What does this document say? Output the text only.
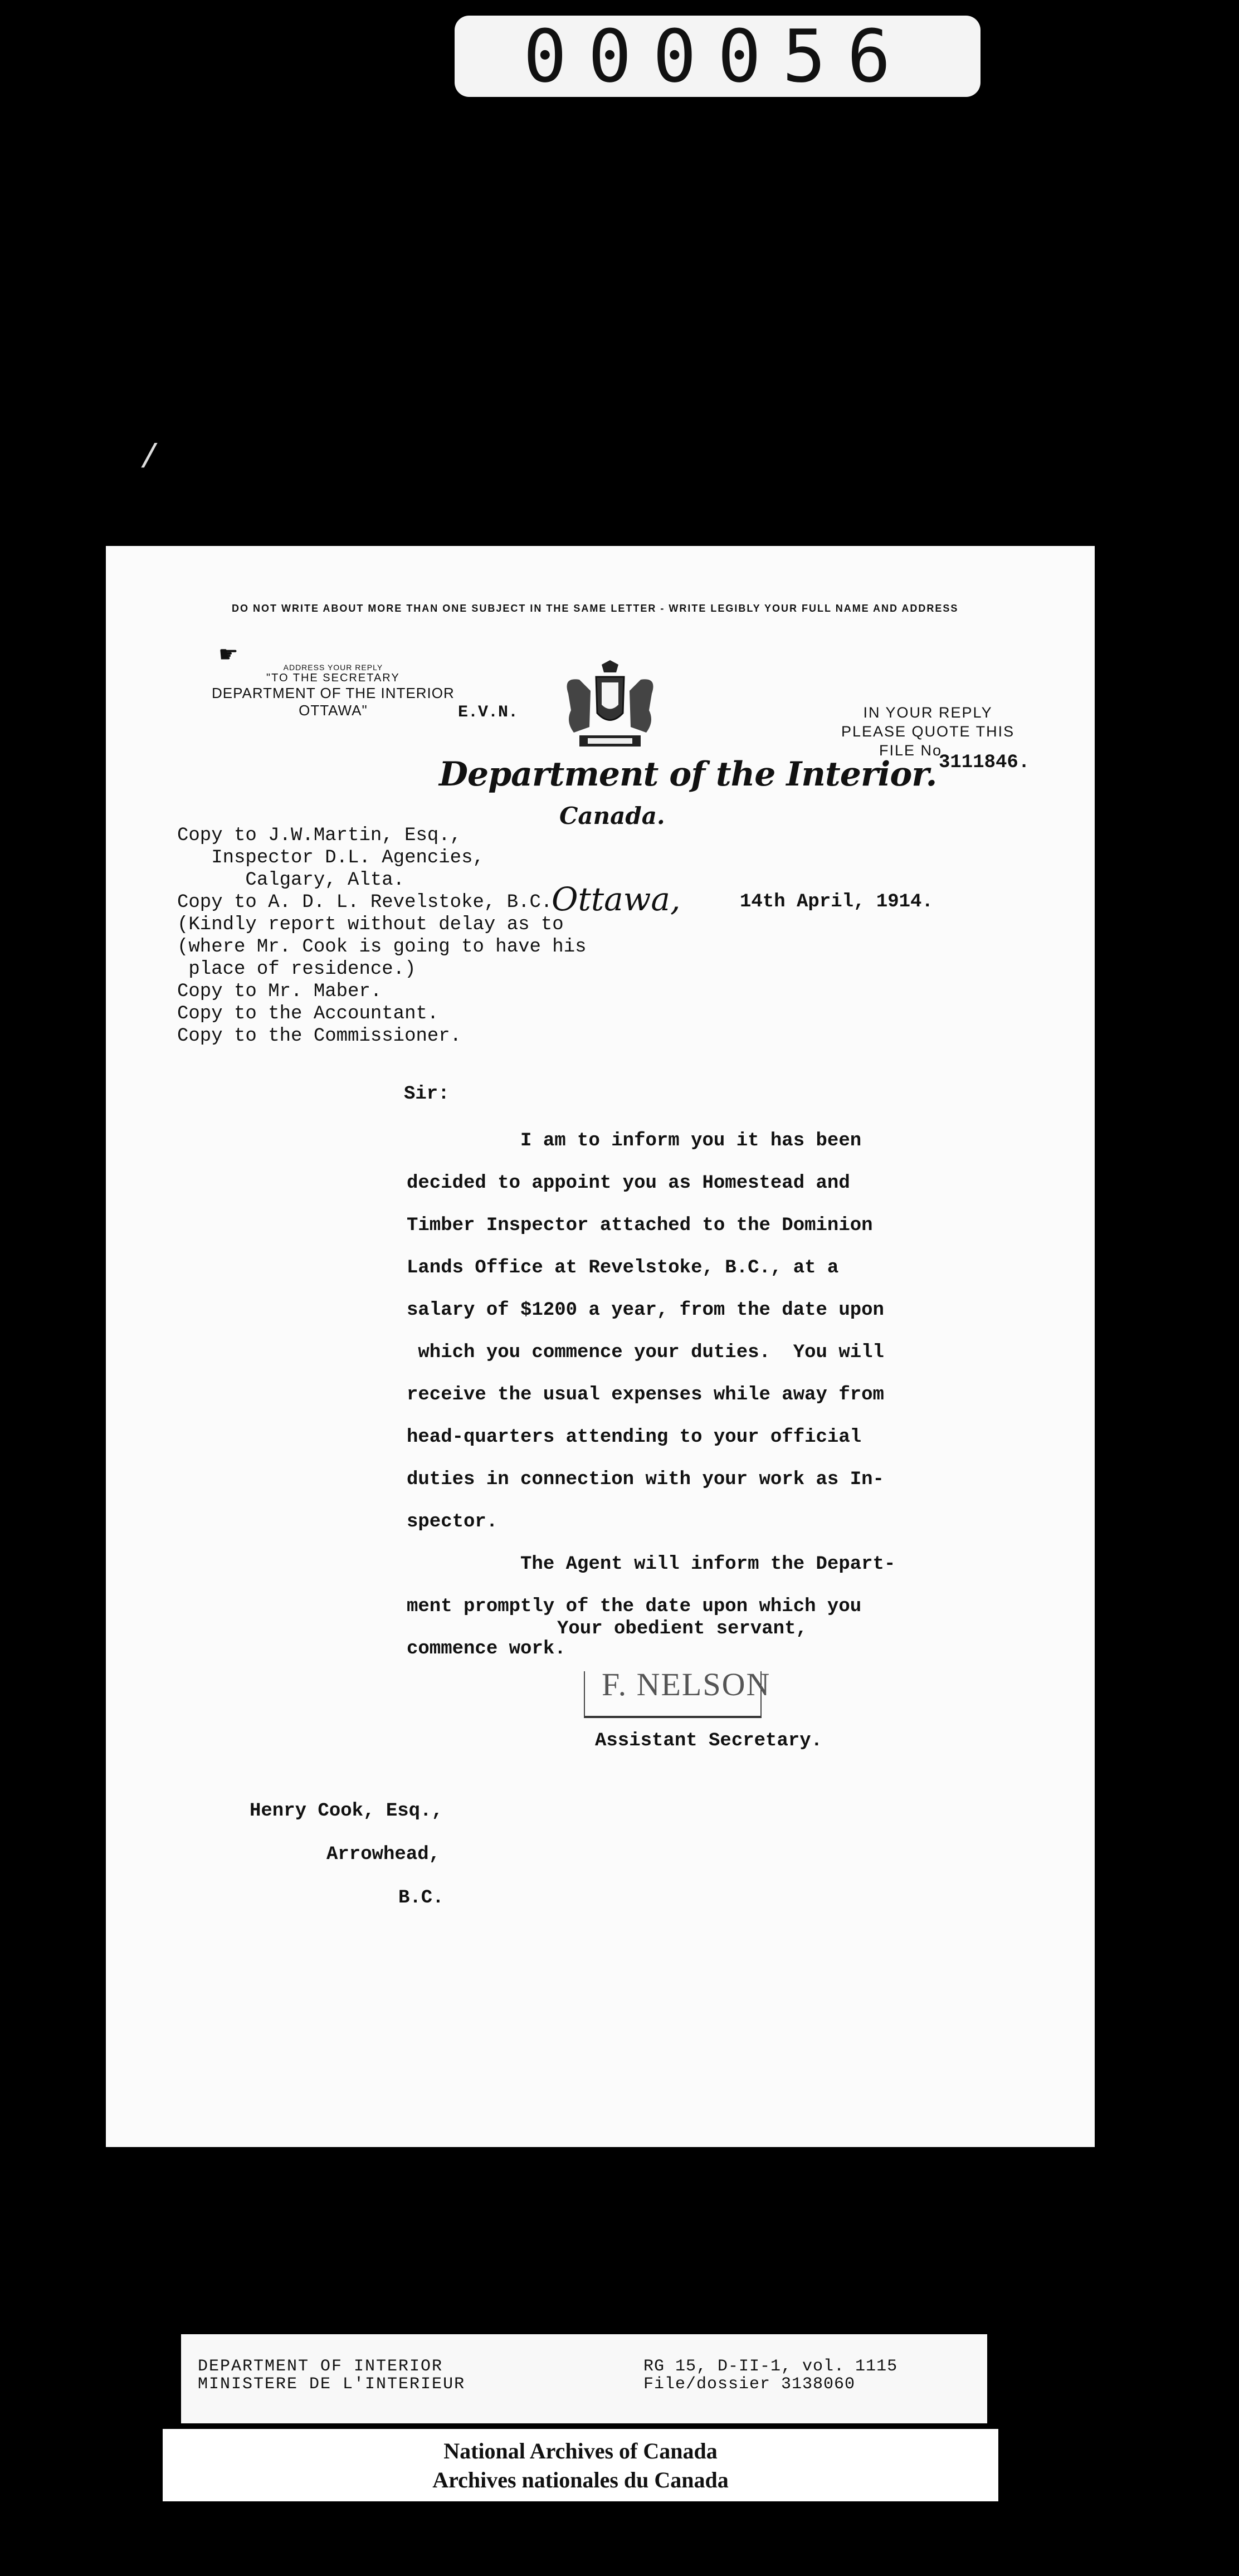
000056
/
DO NOT WRITE ABOUT MORE THAN ONE SUBJECT IN THE SAME LETTER - WRITE LEGIBLY YOUR FULL NAME AND ADDRESS
☛
ADDRESS YOUR REPLY
"TO THE SECRETARY
DEPARTMENT OF THE INTERIOR
OTTAWA"	E.V.N.
Department of the Interior.
Canada.
IN YOUR REPLY
PLEASE QUOTE THIS
FILE No
3111846.
Copy to J.W.Martin, Esq.,
Inspector D.L. Agencies,
Calgary, Alta.
Copy to A. D. L. Revelstoke, B.C.
(Kindly report without delay as to
(where Mr. Cook is going to have his
place of residence.)
Copy to Mr. Maber.
Copy to the Accountant.
Copy to the Commissioner.
Ottawa,	14th April, 1914.
Sir:

I am to inform you it has been

decided to appoint you as Homestead and

Timber Inspector attached to the Dominion

Lands Office at Revelstoke, B.C., at a

salary of $1200 a year, from the date upon

which you commence your duties.  You will

receive the usual expenses while away from

head-quarters attending to your official

duties in connection with your work as In-

spector.

The Agent will inform the Depart-

ment promptly of the date upon which you

commence work.

Your obedient servant,
F. NELSON
Assistant Secretary.
Henry Cook, Esq.,
Arrowhead,
B.C.
DEPARTMENT OF INTERIOR
MINISTERE DE L'INTERIEUR
RG 15, D-II-1, vol. 1115
File/dossier 3138060
National Archives of Canada
Archives nationales du Canada
